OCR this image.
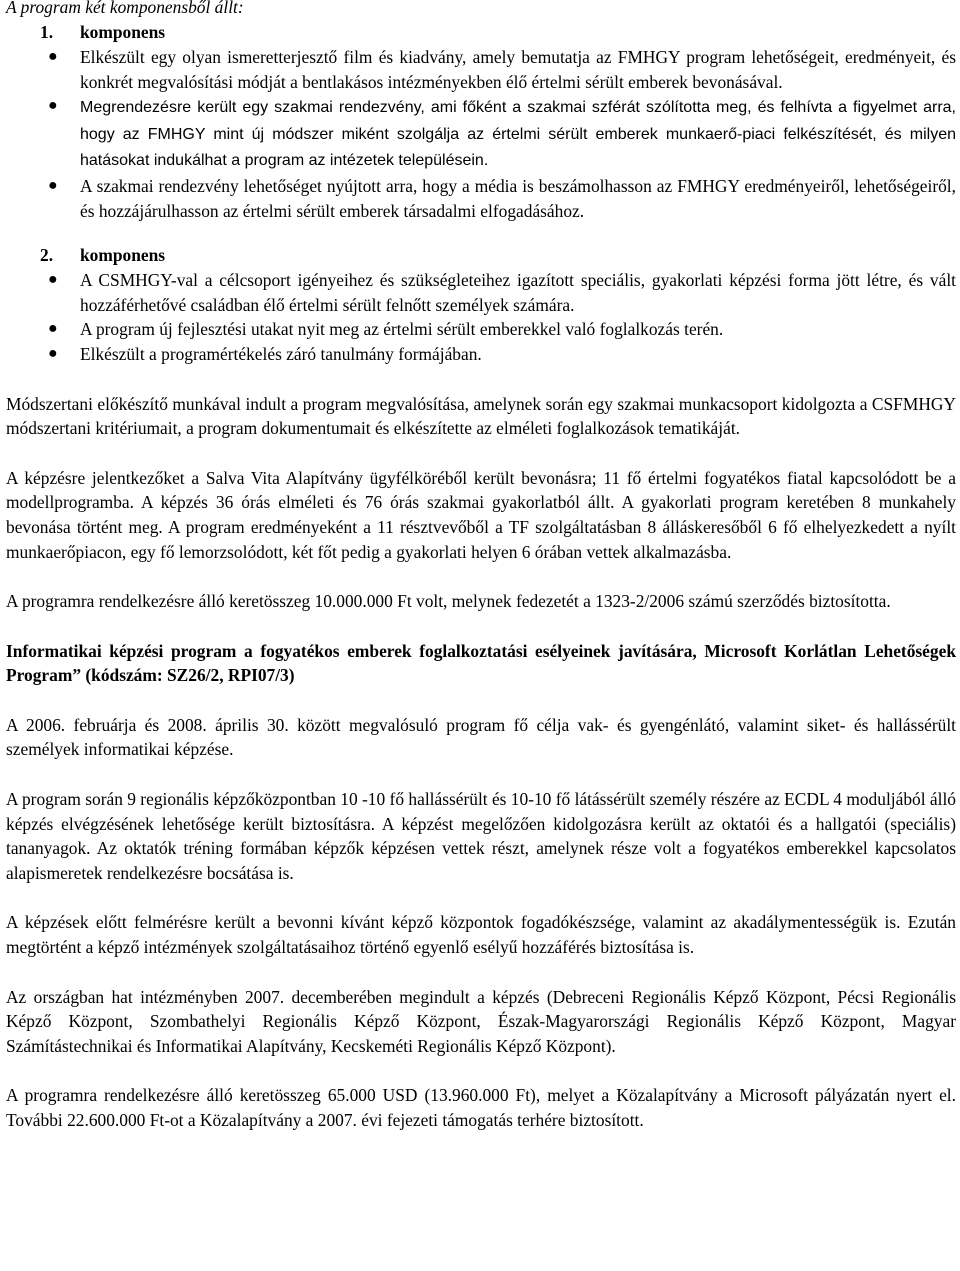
A program két komponensből állt:

1. komponens
● Elkészült egy olyan ismeretterjesztő film és kiadvány, amely bemutatja az FMHGY program lehetőségeit, eredményeit, és konkrét megvalósítási módját a bentlakásos intézményekben élő értelmi sérült emberek bevonásával.
● Megrendezésre került egy szakmai rendezvény, ami főként a szakmai szférát szólította meg, és felhívta a figyelmet arra, hogy az FMHGY mint új módszer miként szolgálja az értelmi sérült emberek munkaerő-piaci felkészítését, és milyen hatásokat indukálhat a program az intézetek településein.
● A szakmai rendezvény lehetőséget nyújtott arra, hogy a média is beszámolhasson az FMHGY eredményeiről, lehetőségeiről, és hozzájárulhasson az értelmi sérült emberek társadalmi elfogadásához.
2. komponens
● A CSMHGY-val a célcsoport igényeihez és szükségleteihez igazított speciális, gyakorlati képzési forma jött létre, és vált hozzáférhetővé családban élő értelmi sérült felnőtt személyek számára.
● A program új fejlesztési utakat nyit meg az értelmi sérült emberekkel való foglalkozás terén.
● Elkészült a programértékelés záró tanulmány formájában.

Módszertani előkészítő munkával indult a program megvalósítása, amelynek során egy szakmai munkacsoport kidolgozta a CSFMHGY módszertani kritériumait, a program dokumentumait és elkészítette az elméleti foglalkozások tematikáját.

A képzésre jelentkezőket a Salva Vita Alapítvány ügyfélköréből került bevonásra; 11 fő értelmi fogyatékos fiatal kapcsolódott be a modellprogramba. A képzés 36 órás elméleti és 76 órás szakmai gyakorlatból állt. A gyakorlati program keretében 8 munkahely bevonása történt meg. A program eredményeként a 11 résztvevőből a TF szolgáltatásban 8 álláskeresőből 6 fő elhelyezkedett a nyílt munkaerőpiacon, egy fő lemorzsolódott, két főt pedig a gyakorlati helyen 6 órában vettek alkalmazásba.

A programra rendelkezésre álló keretösszeg 10.000.000 Ft volt, melynek fedezetét a 1323-2/2006 számú szerződés biztosította.

Informatikai képzési program a fogyatékos emberek foglalkoztatási esélyeinek javítására, Microsoft Korlátlan Lehetőségek Program” (kódszám: SZ26/2, RPI07/3)

A 2006. februárja és 2008. április 30. között megvalósuló program fő célja vak- és gyengénlátó, valamint siket- és hallássérült személyek informatikai képzése.

A program során 9 regionális képzőközpontban 10 -10 fő hallássérült és 10-10 fő látássérült személy részére az ECDL 4 moduljából álló képzés elvégzésének lehetősége került biztosításra. A képzést megelőzően kidolgozásra került az oktatói és a hallgatói (speciális) tananyagok. Az oktatók tréning formában képzők képzésen vettek részt, amelynek része volt a fogyatékos emberekkel kapcsolatos alapismeretek rendelkezésre bocsátása is.

A képzések előtt felmérésre került a bevonni kívánt képző központok fogadókészsége, valamint az akadálymentességük is. Ezután megtörtént a képző intézmények szolgáltatásaihoz történő egyenlő esélyű hozzáférés biztosítása is.

Az országban hat intézményben 2007. decemberében megindult a képzés (Debreceni Regionális Képző Központ, Pécsi Regionális Képző Központ, Szombathelyi Regionális Képző Központ, Észak-Magyarországi Regionális Képző Központ, Magyar Számítástechnikai és Informatikai Alapítvány, Kecskeméti Regionális Képző Központ).

A programra rendelkezésre álló keretösszeg 65.000 USD (13.960.000 Ft), melyet a Közalapítvány a Microsoft pályázatán nyert el. További 22.600.000 Ft-ot a Közalapítvány a 2007. évi fejezeti támogatás terhére biztosított.
